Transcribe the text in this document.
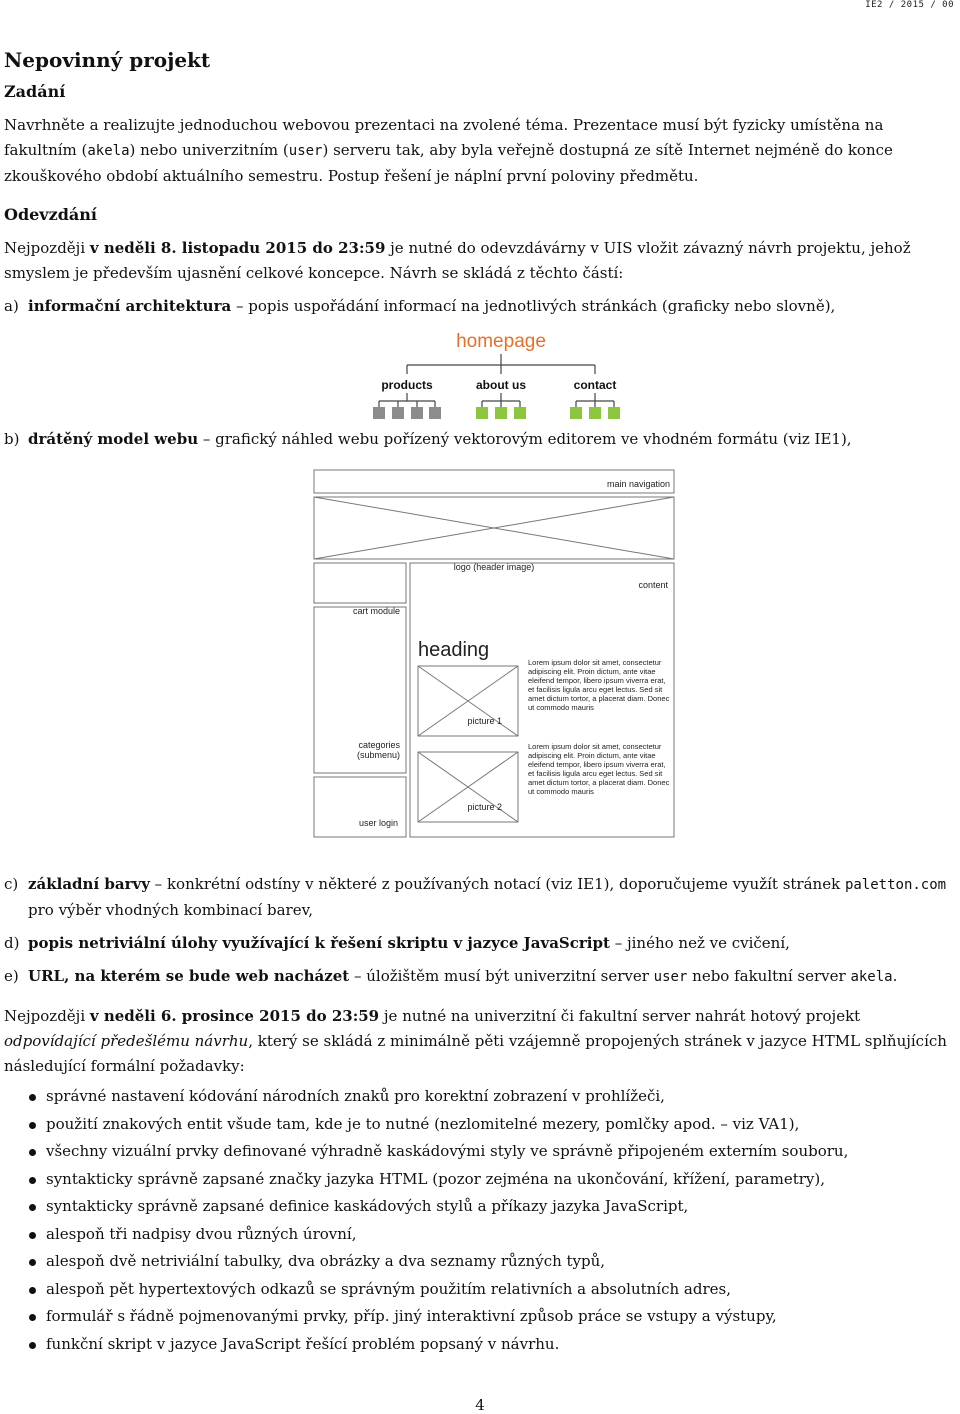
IE2 / 2015 / 00
Nepovinný projekt
Zadání

Navrhněte a realizujte jednoduchou webovou prezentaci na zvolené téma. Prezentace musí být fyzicky umístěna na fakultním (akela) nebo univerzitním (user) serveru tak, aby byla veřejně dostupná ze sítě Internet nejméně do konce zkouškového období aktuálního semestru. Postup řešení je náplní první poloviny předmětu.

Odevzdání

Nejpozději v neděli 8. listopadu 2015 do 23:59 je nutné do odevzdávárny v UIS vložit závazný návrh projektu, jehož smyslem je především ujasnění celkové koncepce. Návrh se skládá z těchto částí:

a) informační architektura – popis uspořádání informací na jednotlivých stránkách (graficky nebo slovně),
homepage
products	about us	contact
b) drátěný model webu – grafický náhled webu pořízený vektorovým editorem ve vhodném formátu (viz IE1),
main navigation
logo (header image)
content
cart module
heading
picture 1
picture 2
categories
(submenu)
user login
Lorem ipsum dolor sit amet, consectetur
adipiscing elit. Proin dictum, ante vitae
eleifend tempor, libero ipsum viverra erat,
et facilisis ligula arcu eget lectus. Sed sit
amet dictum tortor, a placerat diam. Donec
ut commodo mauris
Lorem ipsum dolor sit amet, consectetur
adipiscing elit. Proin dictum, ante vitae
eleifend tempor, libero ipsum viverra erat,
et facilisis ligula arcu eget lectus. Sed sit
amet dictum tortor, a placerat diam. Donec
ut commodo mauris
c) základní barvy – konkrétní odstíny v některé z používaných notací (viz IE1), doporučujeme využít stránek paletton.com pro výběr vhodných kombinací barev,
d) popis netriviální úlohy využívající k řešení skriptu v jazyce JavaScript – jiného než ve cvičení,
e) URL, na kterém se bude web nacházet – úložištěm musí být univerzitní server user nebo fakultní server akela.

Nejpozději v neděli 6. prosince 2015 do 23:59 je nutné na univerzitní či fakultní server nahrát hotový projekt odpovídající předešlému návrhu, který se skládá z minimálně pěti vzájemně propojených stránek v jazyce HTML splňujících následující formální požadavky:

správné nastavení kódování národních znaků pro korektní zobrazení v prohlížeči,
použití znakových entit všude tam, kde je to nutné (nezlomitelné mezery, pomlčky apod. – viz VA1),
všechny vizuální prvky definované výhradně kaskádovými styly ve správně připojeném externím souboru,
syntakticky správně zapsané značky jazyka HTML (pozor zejména na ukončování, křížení, parametry),
syntakticky správně zapsané definice kaskádových stylů a příkazy jazyka JavaScript,
alespoň tři nadpisy dvou různých úrovní,
alespoň dvě netriviální tabulky, dva obrázky a dva seznamy různých typů,
alespoň pět hypertextových odkazů se správným použitím relativních a absolutních adres,
formulář s řádně pojmenovanými prvky, příp. jiný interaktivní způsob práce se vstupy a výstupy,
funkční skript v jazyce JavaScript řešící problém popsaný v návrhu.
4
